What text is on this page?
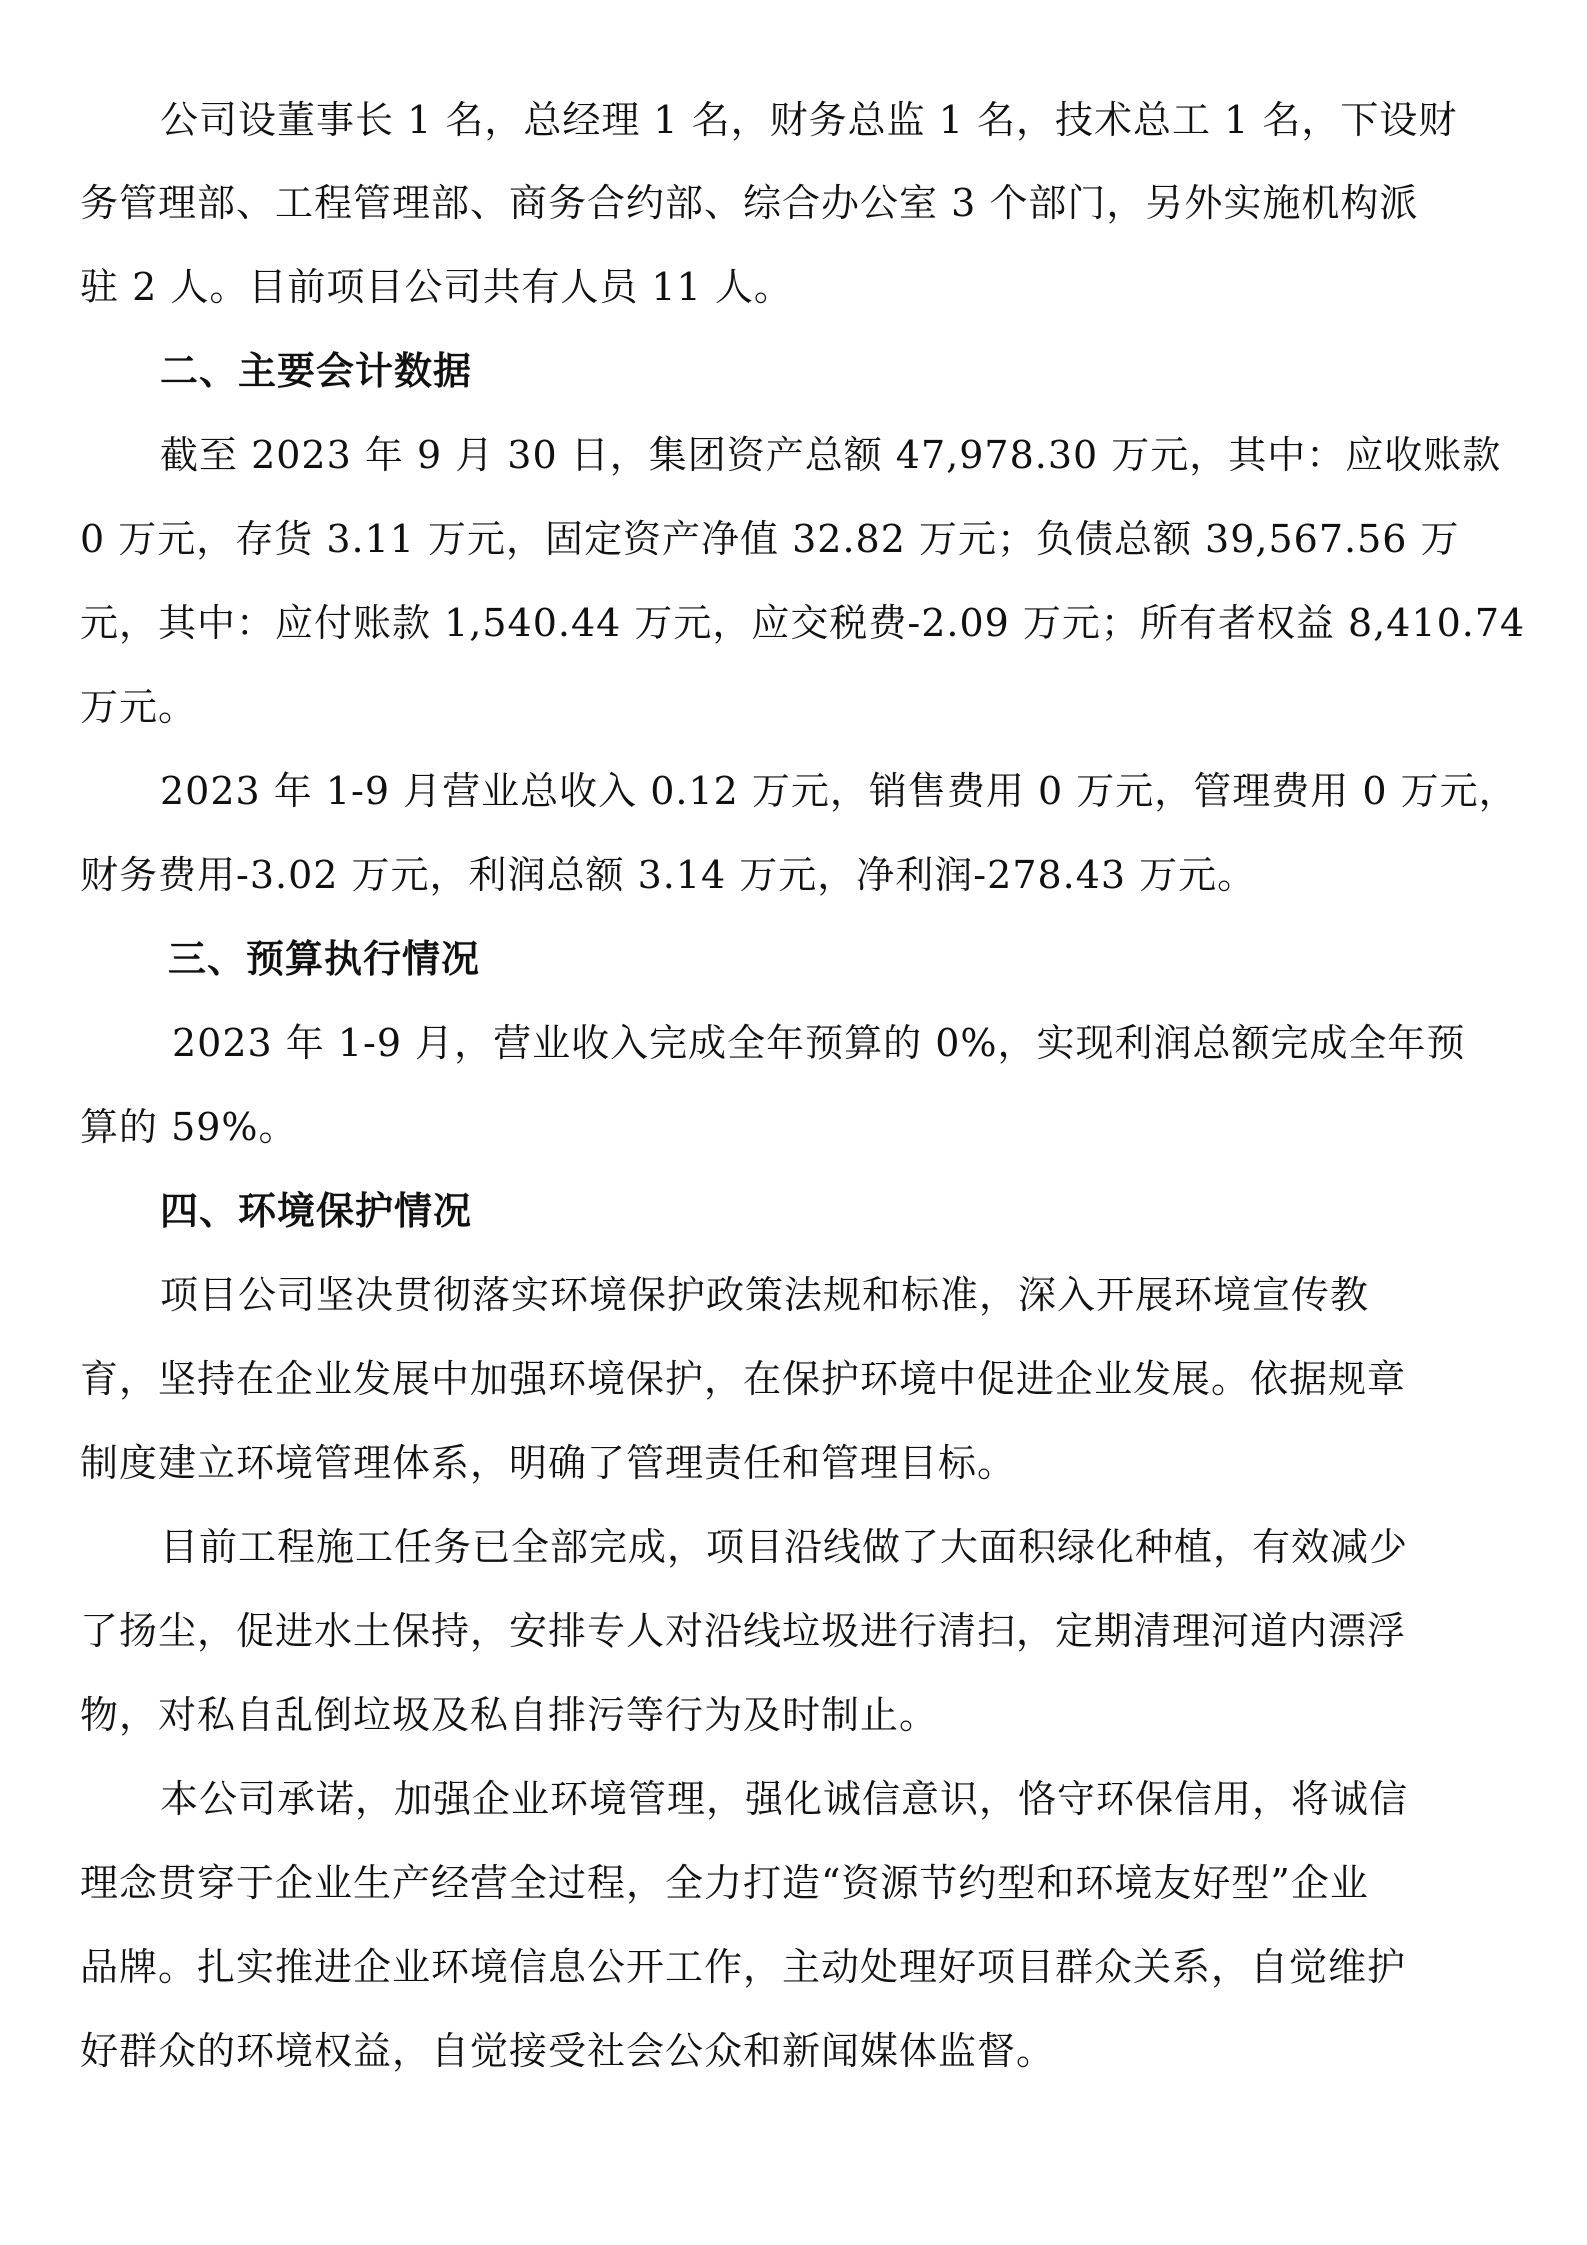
公司设董事长 1 名，总经理 1 名，财务总监 1 名，技术总工 1 名，下设财
务管理部、工程管理部、商务合约部、综合办公室 3 个部门，另外实施机构派
驻 2 人。目前项目公司共有人员 11 人。
二、主要会计数据
截至 2023 年 9 月 30 日，集团资产总额 47,978.30 万元，其中：应收账款
0 万元，存货 3.11 万元，固定资产净值 32.82 万元；负债总额 39,567.56 万
元，其中：应付账款 1,540.44 万元，应交税费-2.09 万元；所有者权益 8,410.74
万元。
2023 年 1-9 月营业总收入 0.12 万元，销售费用 0 万元，管理费用 0 万元，
财务费用-3.02 万元，利润总额 3.14 万元，净利润-278.43 万元。
三、预算执行情况
2023 年 1-9 月，营业收入完成全年预算的 0%，实现利润总额完成全年预
算的 59%。
四、环境保护情况
项目公司坚决贯彻落实环境保护政策法规和标准，深入开展环境宣传教
育，坚持在企业发展中加强环境保护，在保护环境中促进企业发展。依据规章
制度建立环境管理体系，明确了管理责任和管理目标。
目前工程施工任务已全部完成，项目沿线做了大面积绿化种植，有效减少
了扬尘，促进水土保持，安排专人对沿线垃圾进行清扫，定期清理河道内漂浮
物，对私自乱倒垃圾及私自排污等行为及时制止。
本公司承诺，加强企业环境管理，强化诚信意识，恪守环保信用，将诚信
理念贯穿于企业生产经营全过程，全力打造“资源节约型和环境友好型”企业
品牌。扎实推进企业环境信息公开工作，主动处理好项目群众关系，自觉维护
好群众的环境权益，自觉接受社会公众和新闻媒体监督。
